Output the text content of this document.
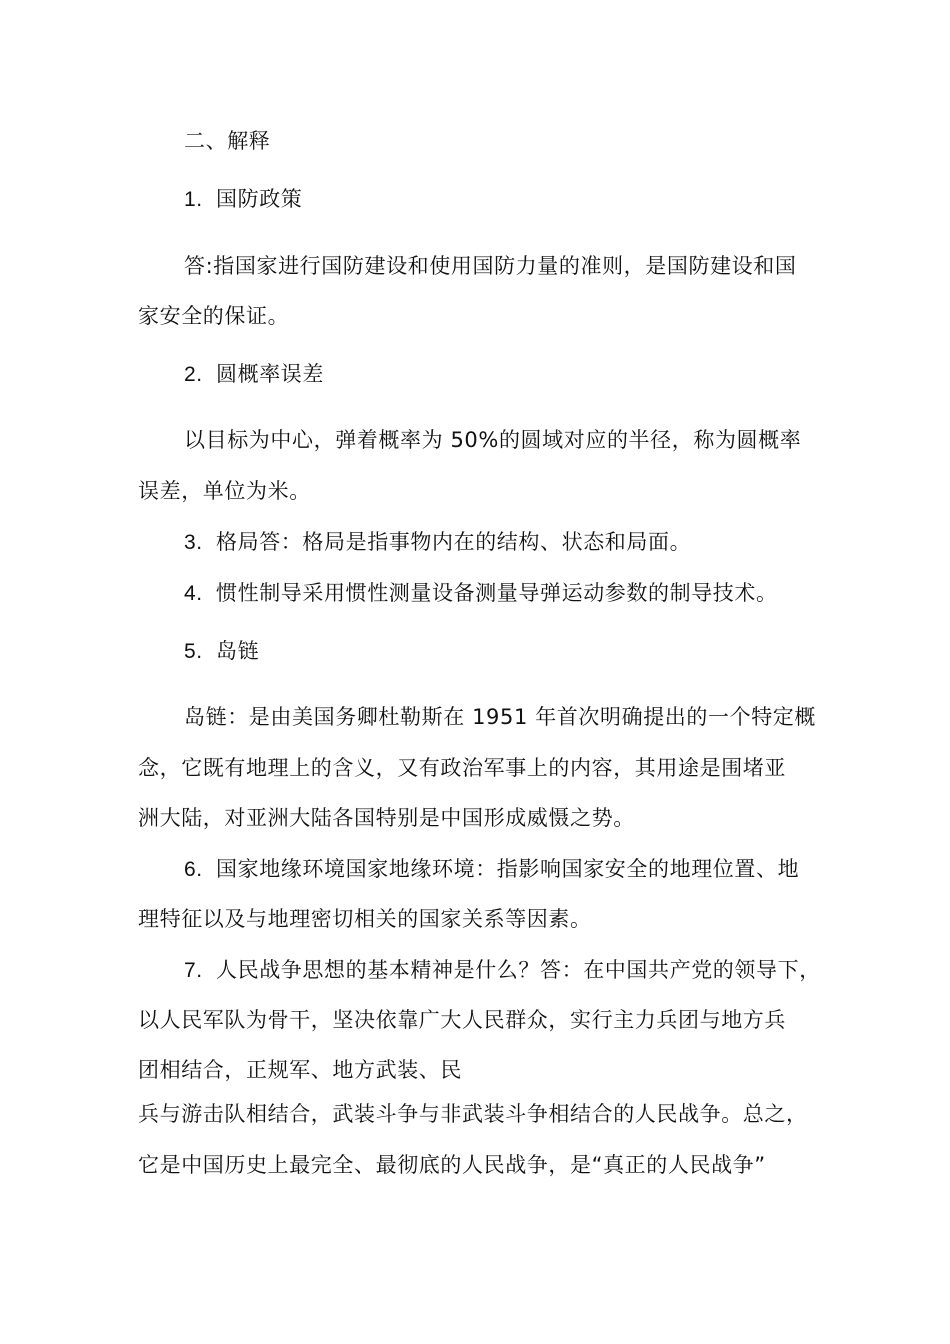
二、解释
1. 国防政策
答:指国家进行国防建设和使用国防力量的准则，是国防建设和国
家安全的保证。
2. 圆概率误差
以目标为中心，弹着概率为 50%的圆域对应的半径，称为圆概率
误差，单位为米。
3. 格局答：格局是指事物内在的结构、状态和局面。
4. 惯性制导采用惯性测量设备测量导弹运动参数的制导技术。
5. 岛链
岛链：是由美国务卿杜勒斯在 1951 年首次明确提出的一个特定概
念，它既有地理上的含义，又有政治军事上的内容，其用途是围堵亚
洲大陆，对亚洲大陆各国特别是中国形成威慑之势。
6. 国家地缘环境国家地缘环境：指影响国家安全的地理位置、地
理特征以及与地理密切相关的国家关系等因素。
7. 人民战争思想的基本精神是什么？答：在中国共产党的领导下，
以人民军队为骨干，坚决依靠广大人民群众，实行主力兵团与地方兵
团相结合，正规军、地方武装、民
兵与游击队相结合，武装斗争与非武装斗争相结合的人民战争。总之，
它是中国历史上最完全、最彻底的人民战争，是“真正的人民战争”
